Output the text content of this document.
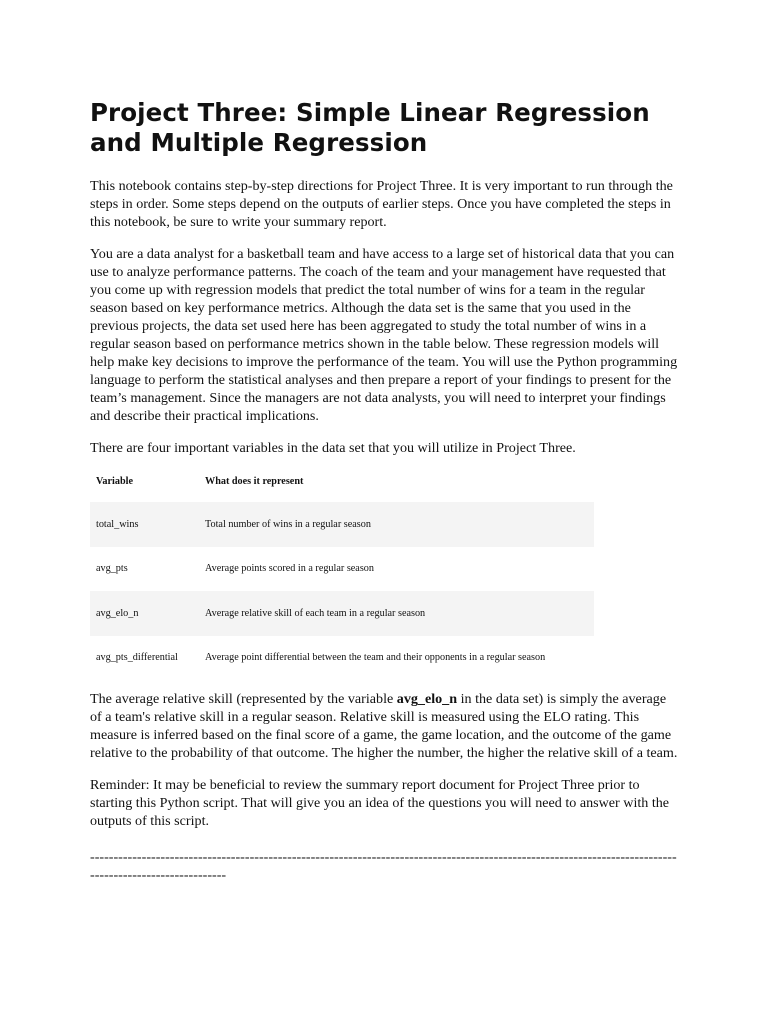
Project Three: Simple Linear Regression and Multiple Regression

This notebook contains step-by-step directions for Project Three. It is very important to run through the steps in order. Some steps depend on the outputs of earlier steps. Once you have completed the steps in this notebook, be sure to write your summary report.

You are a data analyst for a basketball team and have access to a large set of historical data that you can use to analyze performance patterns. The coach of the team and your management have requested that you come up with regression models that predict the total number of wins for a team in the regular season based on key performance metrics. Although the data set is the same that you used in the previous projects, the data set used here has been aggregated to study the total number of wins in a regular season based on performance metrics shown in the table below. These regression models will help make key decisions to improve the performance of the team. You will use the Python programming language to perform the statistical analyses and then prepare a report of your findings to present for the team’s management. Since the managers are not data analysts, you will need to interpret your findings and describe their practical implications.

There are four important variables in the data set that you will utilize in Project Three.

Variable	What does it represent
total_wins	Total number of wins in a regular season
avg_pts	Average points scored in a regular season
avg_elo_n	Average relative skill of each team in a regular season
avg_pts_differential	Average point differential between the team and their opponents in a regular season

The average relative skill (represented by the variable avg_elo_n in the data set) is simply the average of a team's relative skill in a regular season. Relative skill is measured using the ELO rating. This measure is inferred based on the final score of a game, the game location, and the outcome of the game relative to the probability of that outcome. The higher the number, the higher the relative skill of a team.

Reminder: It may be beneficial to review the summary report document for Project Three prior to starting this Python script. That will give you an idea of the questions you will need to answer with the outputs of this script.

----------------------------------------------------------------------------------------------------------------------------------------------------------
